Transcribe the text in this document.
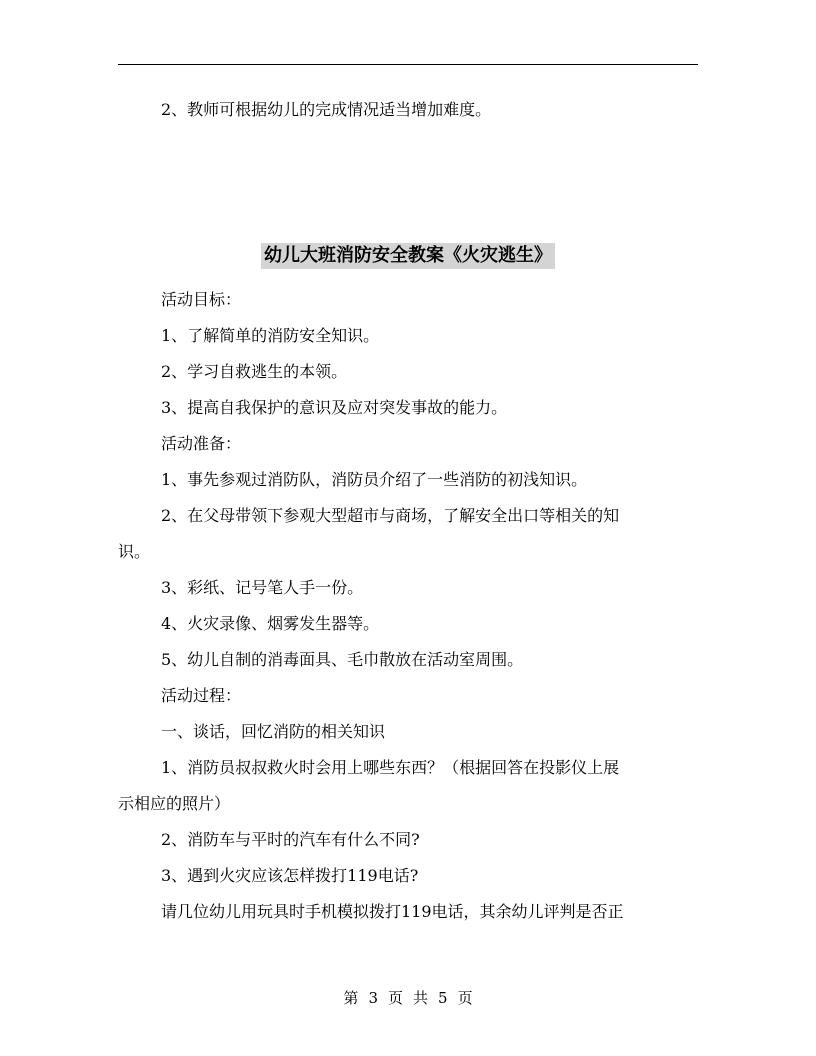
2、教师可根据幼儿的完成情况适当增加难度。
幼儿大班消防安全教案《火灾逃生》
活动目标：
1、了解简单的消防安全知识。
2、学习自救逃生的本领。
3、提高自我保护的意识及应对突发事故的能力。
活动准备：
1、事先参观过消防队，消防员介绍了一些消防的初浅知识。
2、在父母带领下参观大型超市与商场，了解安全出口等相关的知
识。
3、彩纸、记号笔人手一份。
4、火灾录像、烟雾发生器等。
5、幼儿自制的消毒面具、毛巾散放在活动室周围。
活动过程：
一、谈话，回忆消防的相关知识
1、消防员叔叔救火时会用上哪些东西？（根据回答在投影仪上展
示相应的照片）
2、消防车与平时的汽车有什么不同?
3、遇到火灾应该怎样拨打119电话?
请几位幼儿用玩具时手机模拟拨打119电话，其余幼儿评判是否正
第 3 页 共 5 页
